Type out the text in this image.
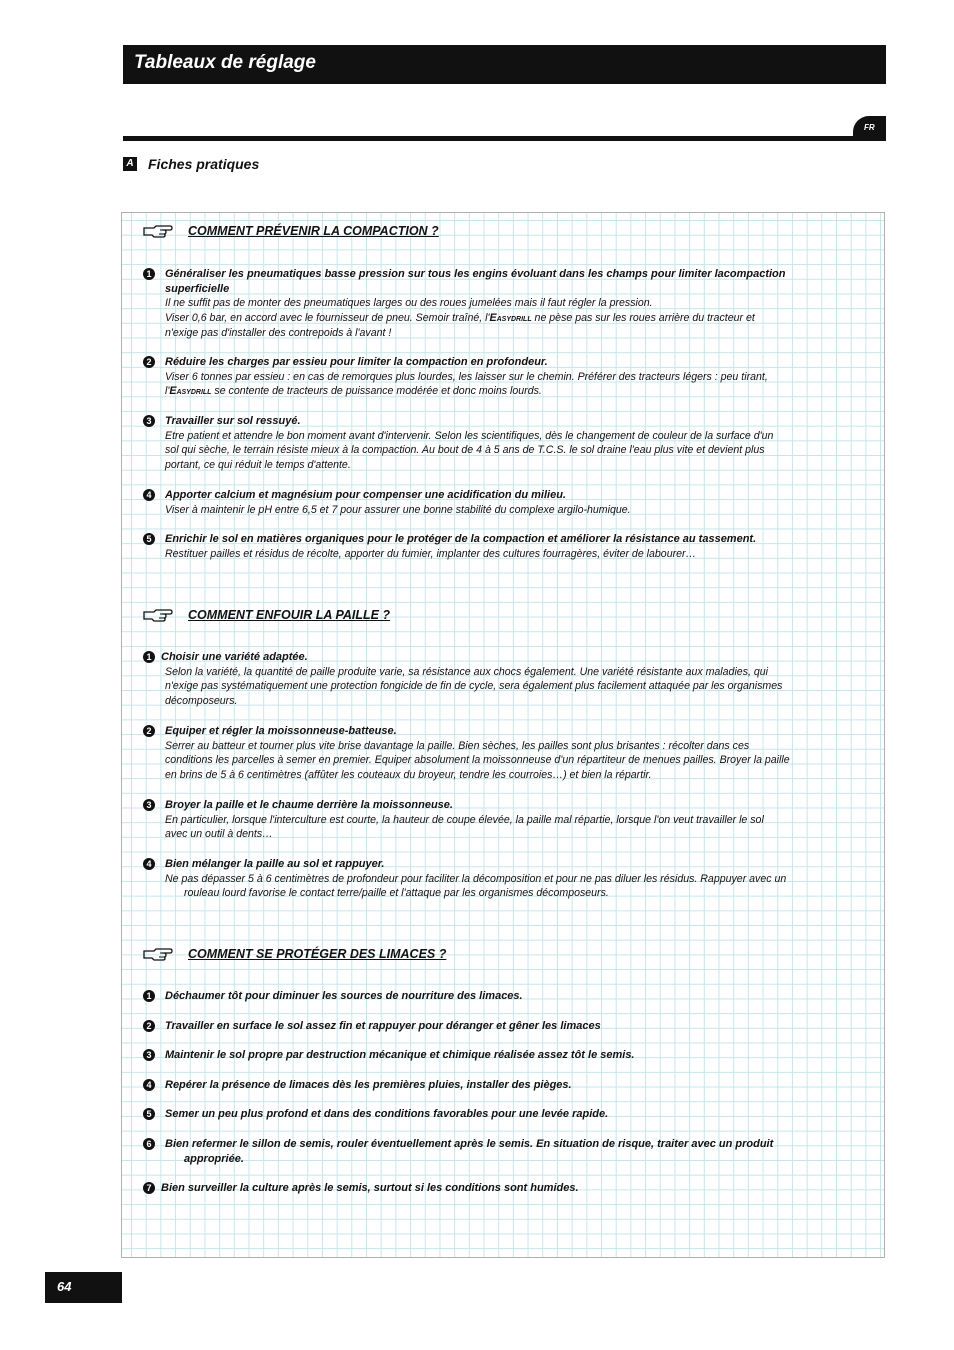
Tableaux de réglage
FR
A Fiches pratiques
COMMENT PRÉVENIR LA COMPACTION ?
1	Généraliser les pneumatiques basse pression sur tous les engins évoluant dans les champs pour limiter lacompaction
superficielle
Il ne suffit pas de monter des pneumatiques larges ou des roues jumelées mais il faut régler la pression.
Viser 0,6 bar, en accord avec le fournisseur de pneu. Semoir traîné, l'Easydrill ne pèse pas sur les roues arrière du tracteur et
n'exige pas d'installer des contrepoids à l'avant !
2	Réduire les charges par essieu pour limiter la compaction en profondeur.
Viser 6 tonnes par essieu : en cas de remorques plus lourdes, les laisser sur le chemin. Préférer des tracteurs légers : peu tirant,
l'Easydrill se contente de tracteurs de puissance modérée et donc moins lourds.
3	Travailler sur sol ressuyé.
Etre patient et attendre le bon moment avant d'intervenir. Selon les scientifiques, dès le changement de couleur de la surface d'un
sol qui sèche, le terrain résiste mieux à la compaction. Au bout de 4 à 5 ans de T.C.S. le sol draine l'eau plus vite et devient plus
portant, ce qui réduit le temps d'attente.
4	Apporter calcium et magnésium pour compenser une acidification du milieu.
Viser à maintenir le pH entre 6,5 et 7 pour assurer une bonne stabilité du complexe argilo-humique.
5	Enrichir le sol en matières organiques pour le protéger de la compaction et améliorer la résistance au tassement.
Restituer pailles et résidus de récolte, apporter du fumier, implanter des cultures fourragères, éviter de labourer…
COMMENT ENFOUIR LA PAILLE ?
1 Choisir une variété adaptée.
Selon la variété, la quantité de paille produite varie, sa résistance aux chocs également. Une variété résistante aux maladies, qui
n'exige pas systématiquement une protection fongicide de fin de cycle, sera également plus facilement attaquée par les organismes
décomposeurs.
2	Equiper et régler la moissonneuse-batteuse.
Serrer au batteur et tourner plus vite brise davantage la paille. Bien sèches, les pailles sont plus brisantes : récolter dans ces
conditions les parcelles à semer en premier. Equiper absolument la moissonneuse d'un répartiteur de menues pailles. Broyer la paille
en brins de 5 à 6 centimètres (affûter les couteaux du broyeur, tendre les courroies…) et bien la répartir.
3	Broyer la paille et le chaume derrière la moissonneuse.
En particulier, lorsque l'interculture est courte, la hauteur de coupe élevée, la paille mal répartie, lorsque l'on veut travailler le sol
avec un outil à dents…
4	Bien mélanger la paille au sol et rappuyer.
Ne pas dépasser 5 à 6 centimètres de profondeur pour faciliter la décomposition et pour ne pas diluer les résidus. Rappuyer avec un
rouleau lourd favorise le contact terre/paille et l'attaque par les organismes décomposeurs.
COMMENT SE PROTÉGER DES LIMACES ?
1	Déchaumer tôt pour diminuer les sources de nourriture des limaces.
2	Travailler en surface le sol assez fin et rappuyer pour déranger et gêner les limaces
3	Maintenir le sol propre par destruction mécanique et chimique réalisée assez tôt le semis.
4	Repérer la présence de limaces dès les premières pluies, installer des pièges.
5	Semer un peu plus profond et dans des conditions favorables pour une levée rapide.
6	Bien refermer le sillon de semis, rouler éventuellement après le semis. En situation de risque, traiter avec un produit
appropriée.
7 Bien surveiller la culture après le semis, surtout si les conditions sont humides.
64
